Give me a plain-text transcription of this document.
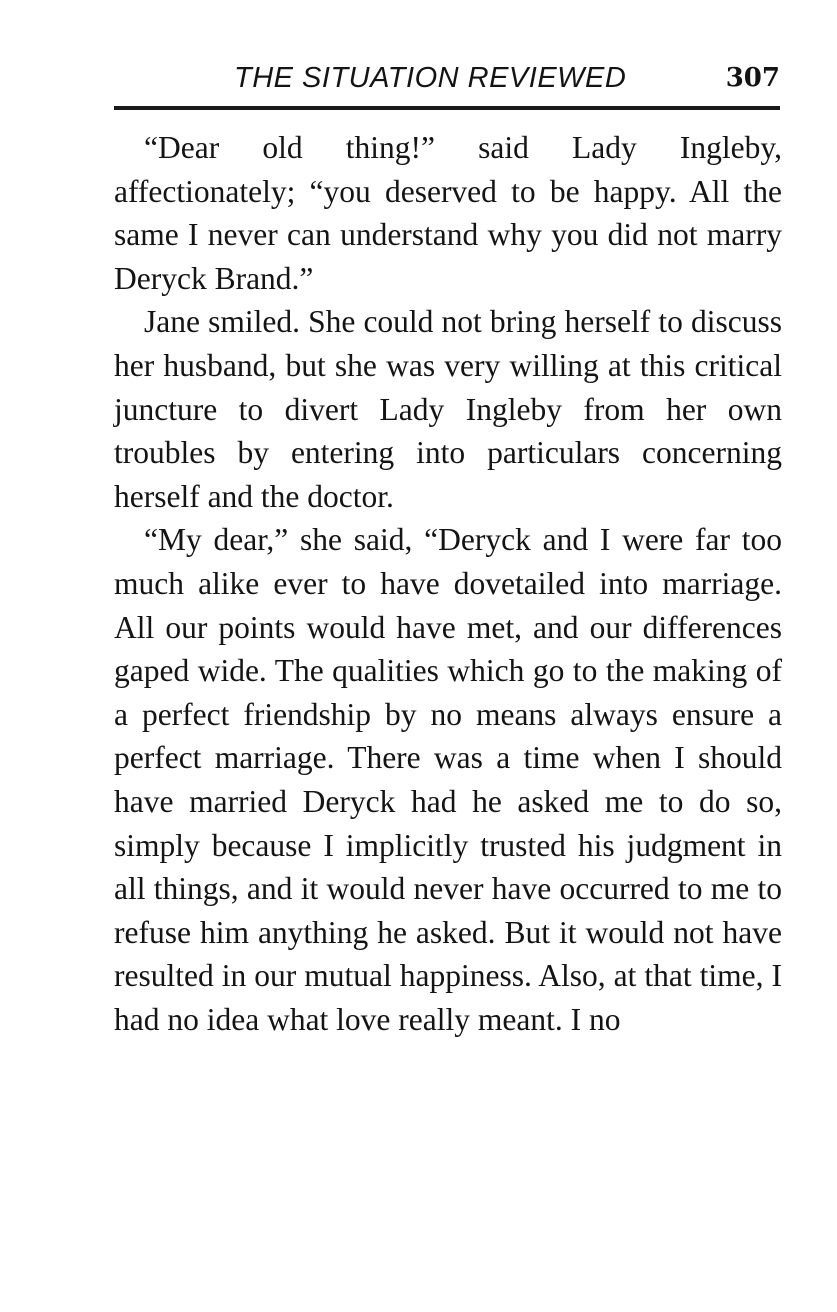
THE SITUATION REVIEWED	307

“Dear old thing!” said Lady Ingleby, affectionately; “you deserved to be happy. All the same I never can understand why you did not marry Deryck Brand.”

Jane smiled. She could not bring herself to discuss her husband, but she was very willing at this critical juncture to divert Lady Ingleby from her own troubles by entering into particulars concerning herself and the doctor.

“My dear,” she said, “Deryck and I were far too much alike ever to have dovetailed into marriage. All our points would have met, and our differences gaped wide. The qualities which go to the making of a perfect friendship by no means always ensure a perfect marriage. There was a time when I should have married Deryck had he asked me to do so, simply because I implicitly trusted his judgment in all things, and it would never have occurred to me to refuse him anything he asked. But it would not have resulted in our mutual happiness. Also, at that time, I had no idea what love really meant. I no
